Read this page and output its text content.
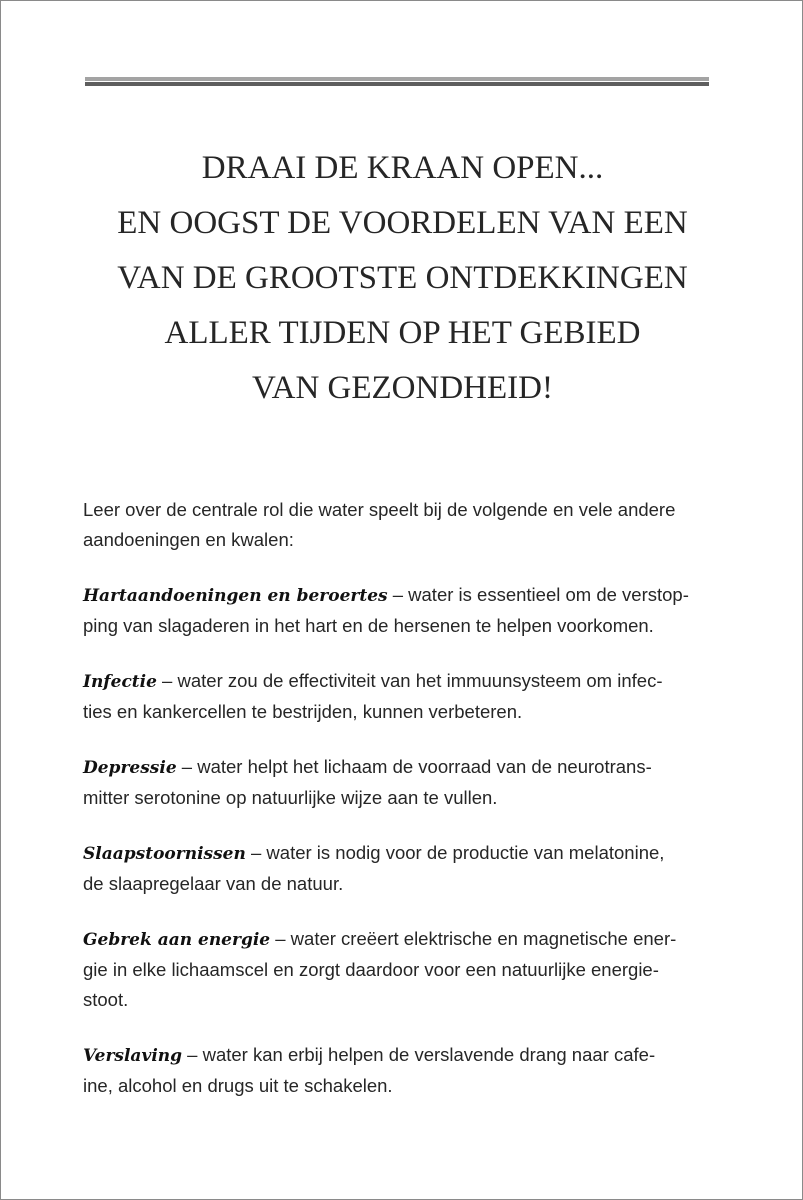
DRAAI DE KRAAN OPEN...
EN OOGST DE VOORDELEN VAN EEN
VAN DE GROOTSTE ONTDEKKINGEN
ALLER TIJDEN OP HET GEBIED
VAN GEZONDHEID!

Leer over de centrale rol die water speelt bij de volgende en vele andere
aandoeningen en kwalen:

Hartaandoeningen en beroertes – water is essentieel om de verstop-
ping van slagaderen in het hart en de hersenen te helpen voorkomen.

Infectie – water zou de effectiviteit van het immuunsysteem om infec-
ties en kankercellen te bestrijden, kunnen verbeteren.

Depressie – water helpt het lichaam de voorraad van de neurotrans-
mitter serotonine op natuurlijke wijze aan te vullen.

Slaapstoornissen – water is nodig voor de productie van melatonine,
de slaapregelaar van de natuur.

Gebrek aan energie – water creëert elektrische en magnetische ener-
gie in elke lichaamscel en zorgt daardoor voor een natuurlijke energie-
stoot.

Verslaving – water kan erbij helpen de verslavende drang naar cafe-
ine, alcohol en drugs uit te schakelen.
